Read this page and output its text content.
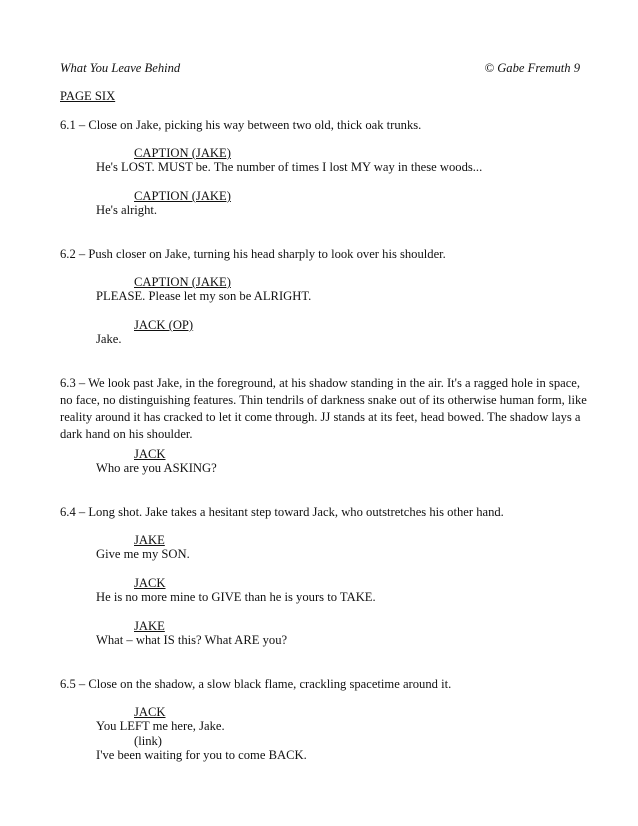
What You Leave Behind	© Gabe Fremuth 9
PAGE SIX
6.1 – Close on Jake, picking his way between two old, thick oak trunks.
CAPTION (JAKE)
He's LOST. MUST be. The number of times I lost MY way in these woods...
CAPTION (JAKE)
He's alright.
6.2 – Push closer on Jake, turning his head sharply to look over his shoulder.
CAPTION (JAKE)
PLEASE. Please let my son be ALRIGHT.
JACK (OP)
Jake.
6.3 – We look past Jake, in the foreground, at his shadow standing in the air. It's a ragged hole in space, no face, no distinguishing features. Thin tendrils of darkness snake out of its otherwise human form, like reality around it has cracked to let it come through. JJ stands at its feet, head bowed. The shadow lays a dark hand on his shoulder.
JACK
Who are you ASKING?
6.4 – Long shot. Jake takes a hesitant step toward Jack, who outstretches his other hand.
JAKE
Give me my SON.
JACK
He is no more mine to GIVE than he is yours to TAKE.
JAKE
What – what IS this? What ARE you?
6.5 – Close on the shadow, a slow black flame, crackling spacetime around it.
JACK
You LEFT me here, Jake.
(link)
I've been waiting for you to come BACK.
